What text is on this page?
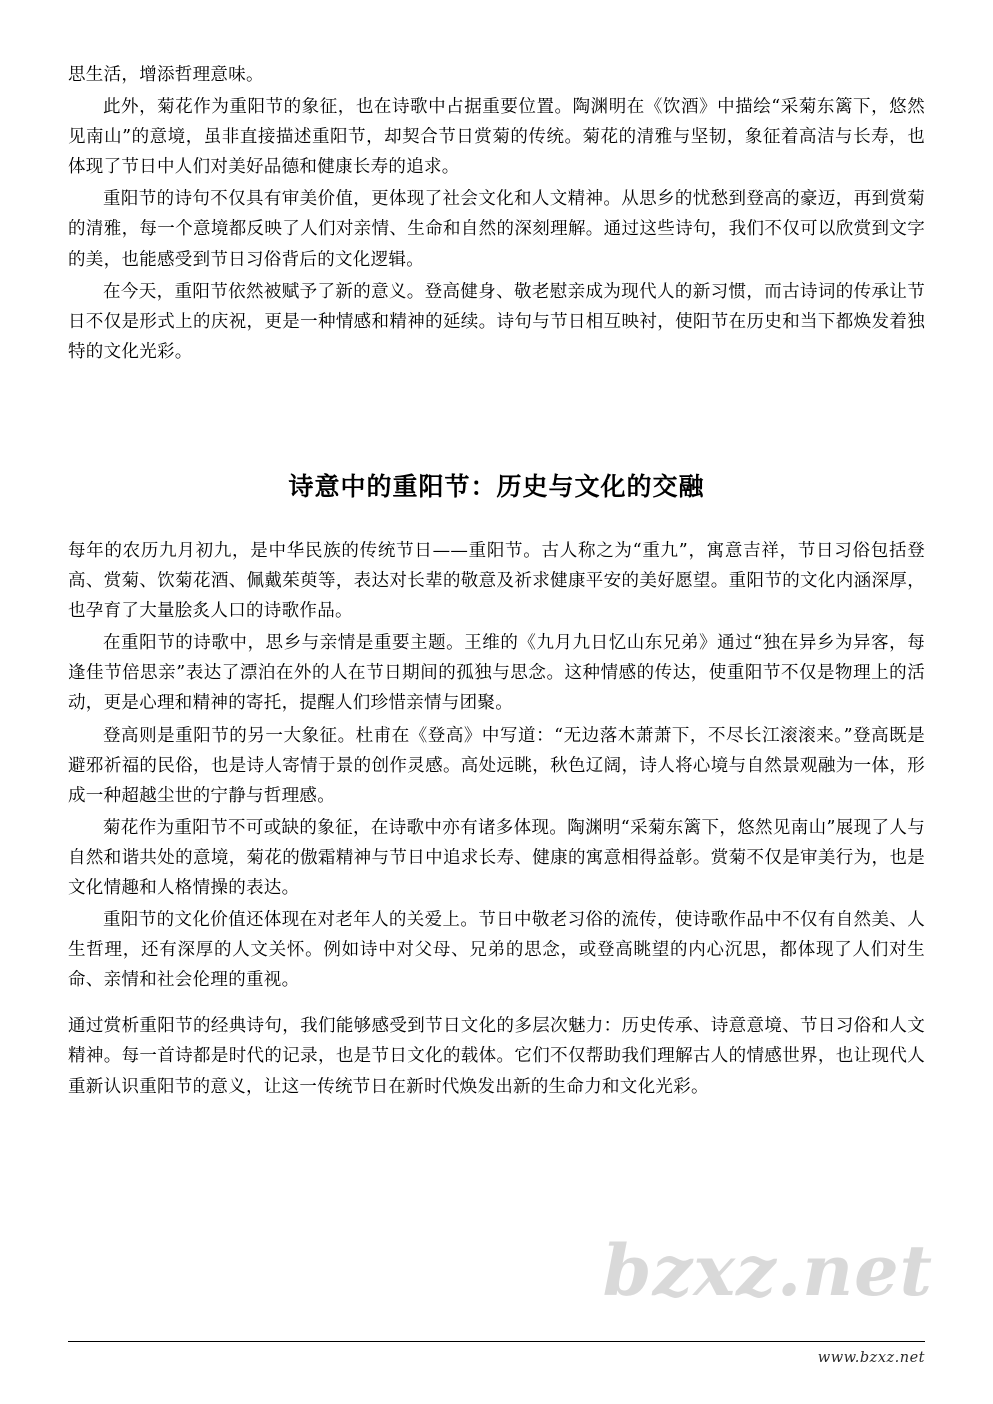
思生活，增添哲理意味。

此外，菊花作为重阳节的象征，也在诗歌中占据重要位置。陶渊明在《饮酒》中描绘“采菊东篱下，悠然见南山”的意境，虽非直接描述重阳节，却契合节日赏菊的传统。菊花的清雅与坚韧，象征着高洁与长寿，也体现了节日中人们对美好品德和健康长寿的追求。

重阳节的诗句不仅具有审美价值，更体现了社会文化和人文精神。从思乡的忧愁到登高的豪迈，再到赏菊的清雅，每一个意境都反映了人们对亲情、生命和自然的深刻理解。通过这些诗句，我们不仅可以欣赏到文字的美，也能感受到节日习俗背后的文化逻辑。

在今天，重阳节依然被赋予了新的意义。登高健身、敬老慰亲成为现代人的新习惯，而古诗词的传承让节日不仅是形式上的庆祝，更是一种情感和精神的延续。诗句与节日相互映衬，使阳节在历史和当下都焕发着独特的文化光彩。

诗意中的重阳节：历史与文化的交融

每年的农历九月初九，是中华民族的传统节日——重阳节。古人称之为“重九”，寓意吉祥，节日习俗包括登高、赏菊、饮菊花酒、佩戴茱萸等，表达对长辈的敬意及祈求健康平安的美好愿望。重阳节的文化内涵深厚，也孕育了大量脍炙人口的诗歌作品。

在重阳节的诗歌中，思乡与亲情是重要主题。王维的《九月九日忆山东兄弟》通过“独在异乡为异客，每逢佳节倍思亲”表达了漂泊在外的人在节日期间的孤独与思念。这种情感的传达，使重阳节不仅是物理上的活动，更是心理和精神的寄托，提醒人们珍惜亲情与团聚。

登高则是重阳节的另一大象征。杜甫在《登高》中写道：“无边落木萧萧下，不尽长江滚滚来。”登高既是避邪祈福的民俗，也是诗人寄情于景的创作灵感。高处远眺，秋色辽阔，诗人将心境与自然景观融为一体，形成一种超越尘世的宁静与哲理感。

菊花作为重阳节不可或缺的象征，在诗歌中亦有诸多体现。陶渊明“采菊东篱下，悠然见南山”展现了人与自然和谐共处的意境，菊花的傲霜精神与节日中追求长寿、健康的寓意相得益彰。赏菊不仅是审美行为，也是文化情趣和人格情操的表达。

重阳节的文化价值还体现在对老年人的关爱上。节日中敬老习俗的流传，使诗歌作品中不仅有自然美、人生哲理，还有深厚的人文关怀。例如诗中对父母、兄弟的思念，或登高眺望的内心沉思，都体现了人们对生命、亲情和社会伦理的重视。

通过赏析重阳节的经典诗句，我们能够感受到节日文化的多层次魅力：历史传承、诗意意境、节日习俗和人文精神。每一首诗都是时代的记录，也是节日文化的载体。它们不仅帮助我们理解古人的情感世界，也让现代人重新认识重阳节的意义，让这一传统节日在新时代焕发出新的生命力和文化光彩。

bzxz.net
www.bzxz.net
